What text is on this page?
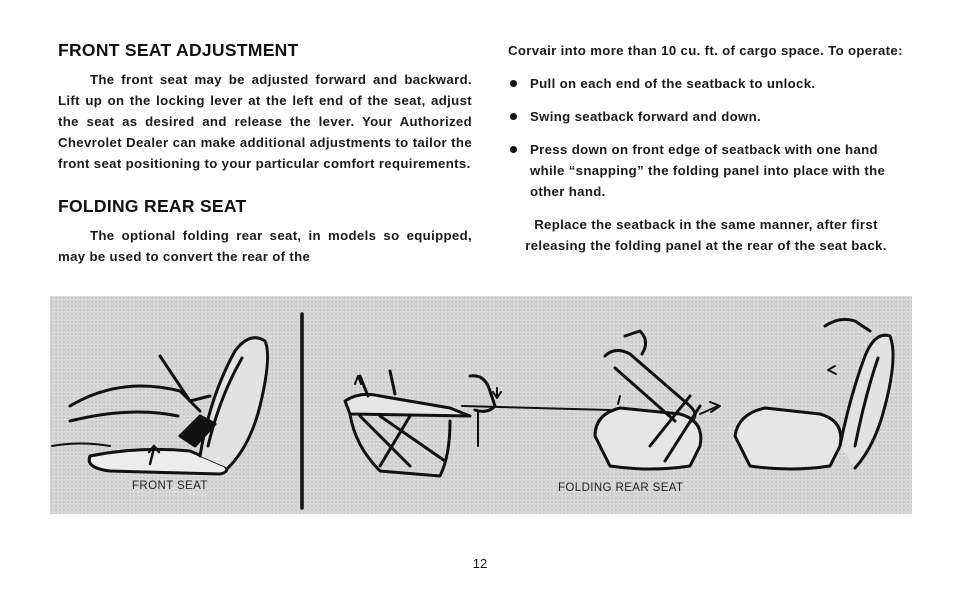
FRONT SEAT ADJUSTMENT

The front seat may be adjusted forward and backward. Lift up on the locking lever at the left end of the seat, adjust the seat as desired and release the lever. Your Authorized Chevrolet Dealer can make additional adjustments to tailor the front seat positioning to your particular comfort requirements.

FOLDING REAR SEAT

The optional folding rear seat, in models so equipped, may be used to convert the rear of the

Corvair into more than 10 cu. ft. of cargo space. To operate:

Pull on each end of the seatback to unlock.
Swing seatback forward and down.
Press down on front edge of seatback with one hand while “snapping” the folding panel into place with the other hand.

Replace the seatback in the same manner, after first releasing the folding panel at the rear of the seat back.

FRONT SEAT	FOLDING REAR SEAT
12
